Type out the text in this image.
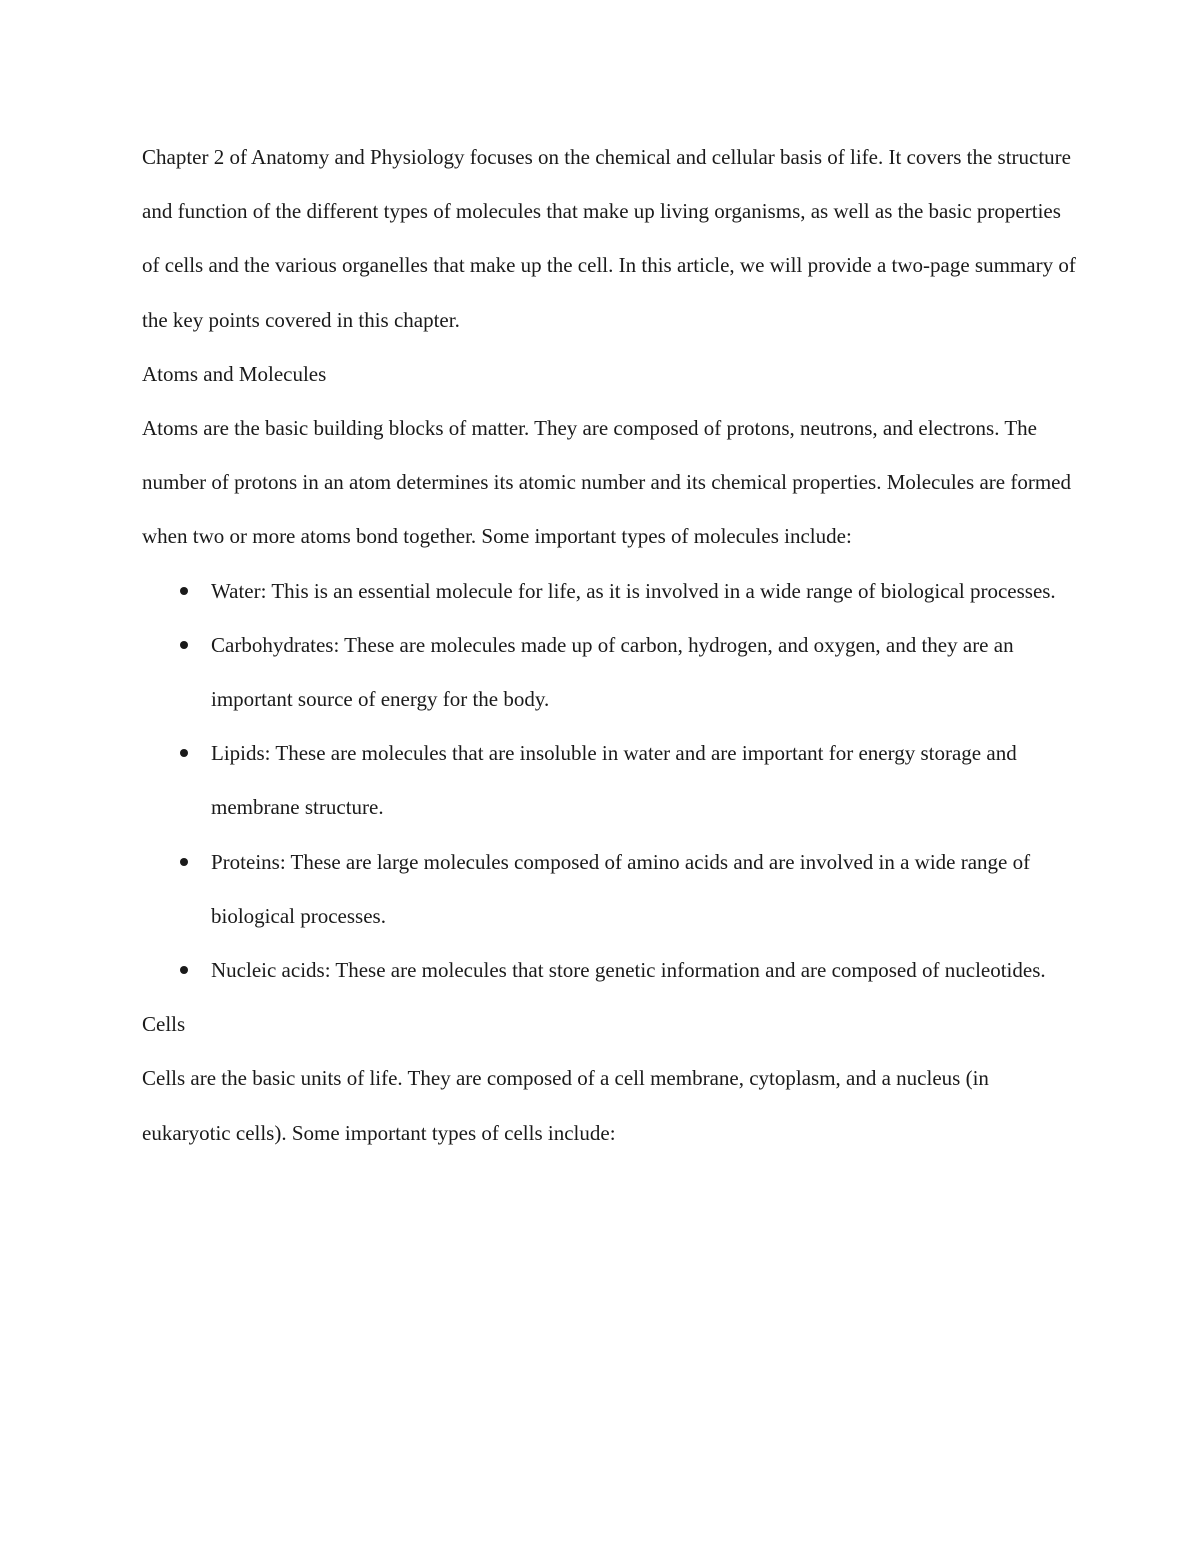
Chapter 2 of Anatomy and Physiology focuses on the chemical and cellular basis of life. It covers the structure and function of the different types of molecules that make up living organisms, as well as the basic properties of cells and the various organelles that make up the cell. In this article, we will provide a two-page summary of the key points covered in this chapter.

Atoms and Molecules

Atoms are the basic building blocks of matter. They are composed of protons, neutrons, and electrons. The number of protons in an atom determines its atomic number and its chemical properties. Molecules are formed when two or more atoms bond together. Some important types of molecules include:

Water: This is an essential molecule for life, as it is involved in a wide range of biological processes.
Carbohydrates: These are molecules made up of carbon, hydrogen, and oxygen, and they are an important source of energy for the body.
Lipids: These are molecules that are insoluble in water and are important for energy storage and membrane structure.
Proteins: These are large molecules composed of amino acids and are involved in a wide range of biological processes.
Nucleic acids: These are molecules that store genetic information and are composed of nucleotides.

Cells

Cells are the basic units of life. They are composed of a cell membrane, cytoplasm, and a nucleus (in eukaryotic cells). Some important types of cells include:
